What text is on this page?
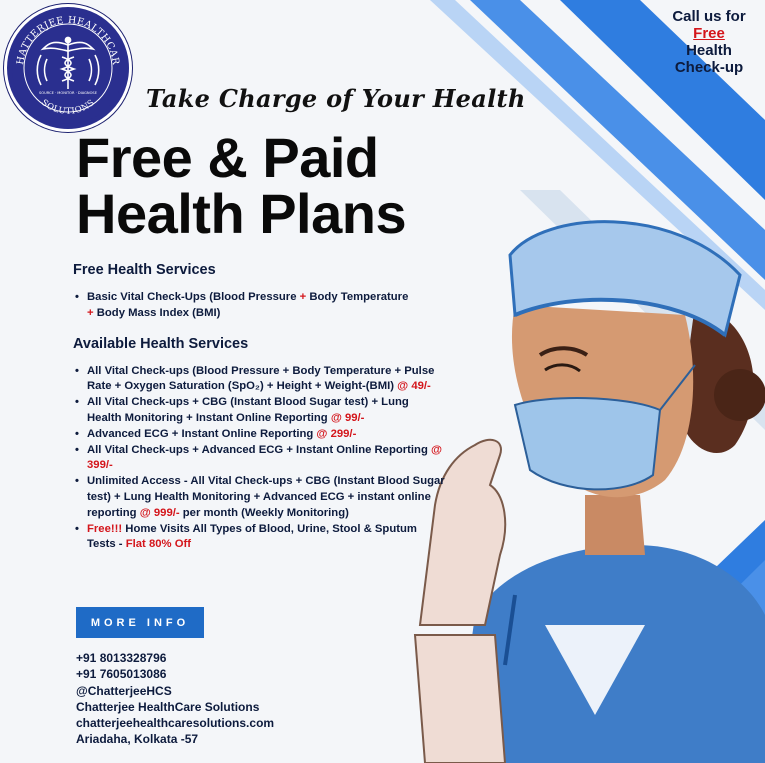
HATTERJEE HEALTHCAR
SOLUTIONS
SOURCE · MONITOR · DIAGNOSE
Call us for
Free
Health
Check-up
Take Charge of Your Health
Free & Paid
Health Plans
Free Health Services
• Basic Vital Check-Ups (Blood Pressure + Body Temperature
+ Body Mass Index (BMI)
Available Health Services
• All Vital Check-ups (Blood Pressure + Body Temperature + Pulse Rate + Oxygen Saturation (SpO₂) + Height + Weight-(BMI) @ 49/-
• All Vital Check-ups + CBG (Instant Blood Sugar test) + Lung Health Monitoring + Instant Online Reporting @ 99/-
• Advanced ECG + Instant Online Reporting @ 299/-
• All Vital Check-ups + Advanced ECG + Instant Online Reporting @ 399/-
• Unlimited Access - All Vital Check-ups + CBG (Instant Blood Sugar test) + Lung Health Monitoring + Advanced ECG + instant online reporting @ 999/- per month (Weekly Monitoring)
• Free!!! Home Visits All Types of Blood, Urine, Stool & Sputum Tests - Flat 80% Off
MORE INFO
+91 8013328796
+91 7605013086
@ChatterjeeHCS
Chatterjee HealthCare Solutions
chatterjeehealthcaresolutions.com
Ariadaha, Kolkata -57
